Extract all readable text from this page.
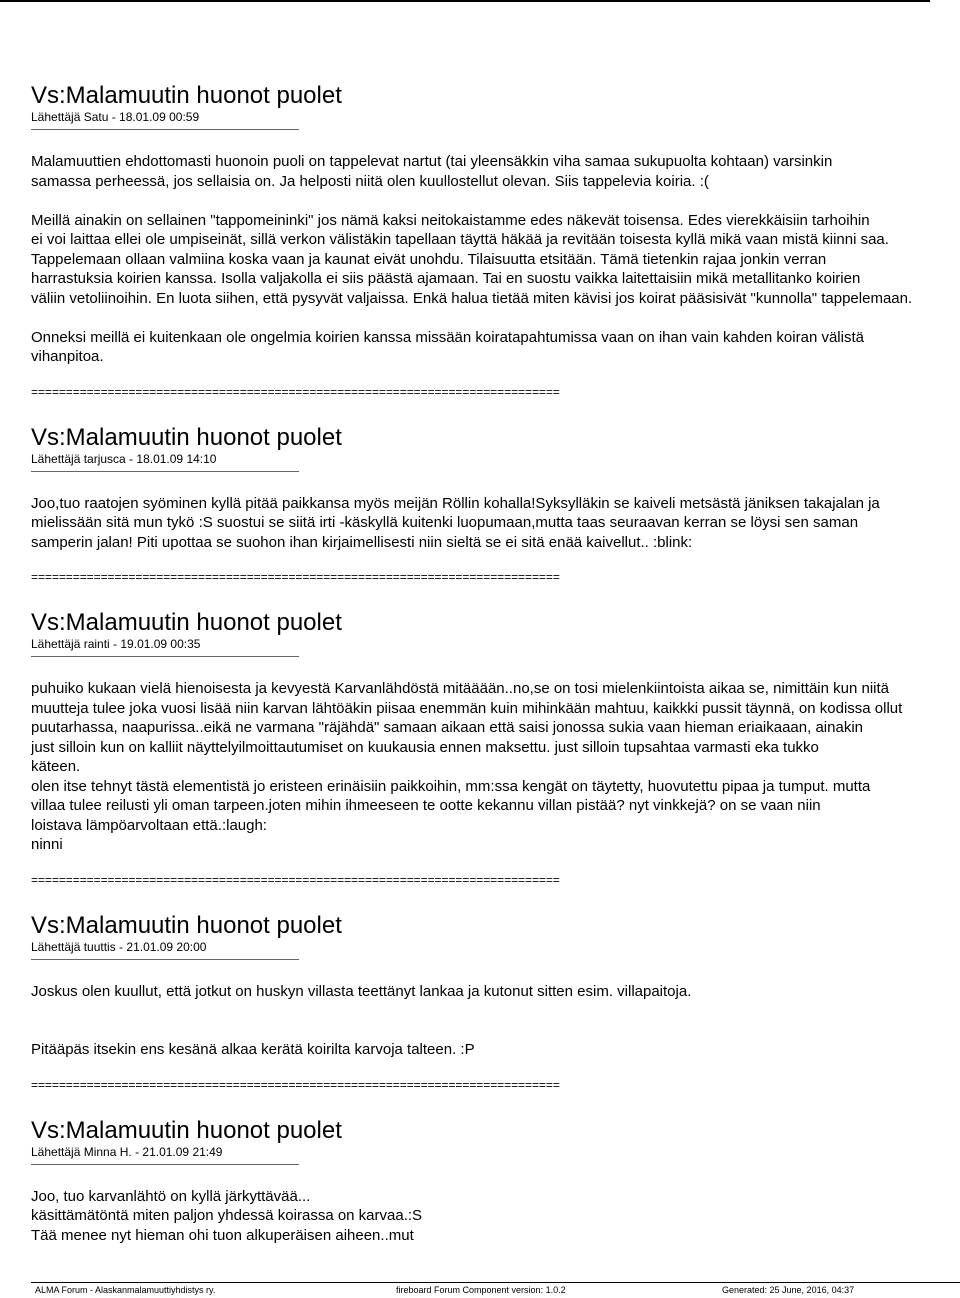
Vs:Malamuutin huonot puolet
Lähettäjä Satu - 18.01.09 00:59

Malamuuttien ehdottomasti huonoin puoli on tappelevat nartut (tai yleensäkkin viha samaa sukupuolta kohtaan) varsinkin

samassa perheessä, jos sellaisia on. Ja helposti niitä olen kuullostellut olevan. Siis tappelevia koiria. :(

Meillä ainakin on sellainen "tappomeininki" jos nämä kaksi neitokaistamme edes näkevät toisensa. Edes vierekkäisiin tarhoihin

ei voi laittaa ellei ole umpiseinät, sillä verkon välistäkin tapellaan täyttä häkää ja revitään toisesta kyllä mikä vaan mistä kiinni saa.

Tappelemaan ollaan valmiina koska vaan ja kaunat eivät unohdu. Tilaisuutta etsitään. Tämä tietenkin rajaa jonkin verran

harrastuksia koirien kanssa. Isolla valjakolla ei siis päästä ajamaan. Tai en suostu vaikka laitettaisiin mikä metallitanko koirien

väliin vetoliinoihin. En luota siihen, että pysyvät valjaissa. Enkä halua tietää miten kävisi jos koirat pääsisivät "kunnolla" tappelemaan.

Onneksi meillä ei kuitenkaan ole ongelmia koirien kanssa missään koiratapahtumissa vaan on ihan vain kahden koiran välistä

vihanpitoa.

============================================================================
Vs:Malamuutin huonot puolet
Lähettäjä tarjusca - 18.01.09 14:10

Joo,tuo raatojen syöminen kyllä pitää paikkansa myös meijän Röllin kohalla!Syksylläkin se kaiveli metsästä jäniksen takajalan ja

mielissään sitä mun tykö :S suostui se siitä irti -käskyllä kuitenki luopumaan,mutta taas seuraavan kerran se löysi sen saman

samperin jalan! Piti upottaa se suohon ihan kirjaimellisesti niin sieltä se ei sitä enää kaivellut.. :blink:

============================================================================
Vs:Malamuutin huonot puolet
Lähettäjä rainti - 19.01.09 00:35

puhuiko kukaan vielä hienoisesta ja kevyestä Karvanlähdöstä mitääään..no,se on tosi mielenkiintoista aikaa se, nimittäin kun niitä

muutteja tulee joka vuosi lisää niin karvan lähtöäkin piisaa enemmän kuin mihinkään mahtuu, kaikkki pussit täynnä, on kodissa ollut

puutarhassa, naapurissa..eikä ne varmana "räjähdä" samaan aikaan että saisi jonossa sukia vaan hieman eriaikaaan, ainakin

just silloin kun on kalliit näyttelyilmoittautumiset on kuukausia ennen maksettu. just silloin tupsahtaa varmasti eka tukko

käteen.

olen itse tehnyt tästä elementistä jo eristeen erinäisiin paikkoihin, mm:ssa kengät on täytetty, huovutettu pipaa ja tumput. mutta

villaa tulee reilusti yli oman tarpeen.joten mihin ihmeeseen te ootte kekannu villan pistää? nyt vinkkejä? on se vaan niin

loistava lämpöarvoltaan että.:laugh:

ninni

============================================================================
Vs:Malamuutin huonot puolet
Lähettäjä tuuttis - 21.01.09 20:00

Joskus olen kuullut, että jotkut on huskyn villasta teettänyt lankaa ja kutonut sitten esim. villapaitoja.

Pitääpäs itsekin ens kesänä alkaa kerätä koirilta karvoja talteen. :P

============================================================================
Vs:Malamuutin huonot puolet
Lähettäjä Minna H. - 21.01.09 21:49

Joo, tuo karvanlähtö on kyllä järkyttävää...

käsittämätöntä miten paljon yhdessä koirassa on karvaa.:S

Tää menee nyt hieman ohi tuon alkuperäisen aiheen..mut

ALMA Forum - Alaskanmalamuuttiyhdistys ry.	fireboard Forum Component version: 1.0.2	Generated: 25 June, 2016, 04:37
